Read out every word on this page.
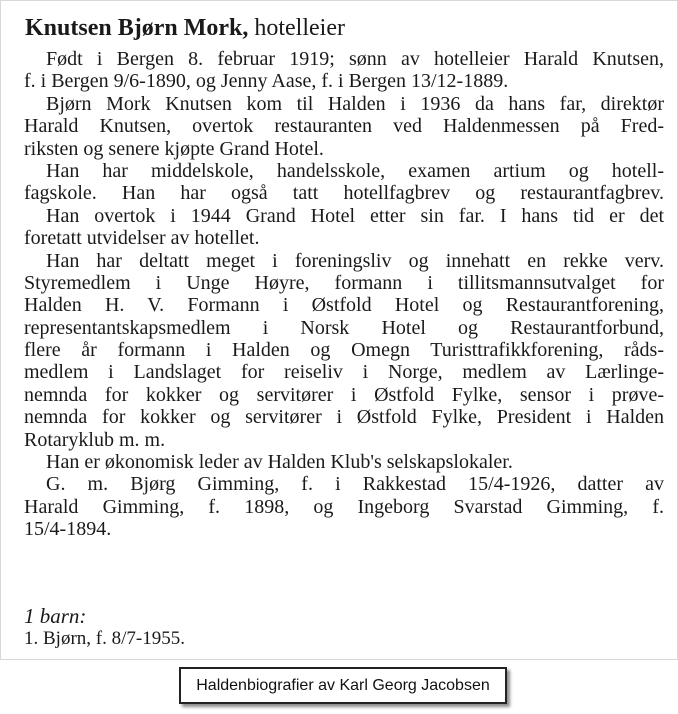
Knutsen Bjørn Mork, hotelleier
Født i Bergen 8. februar 1919; sønn av hotelleier Harald Knutsen,
f. i Bergen 9/6-1890, og Jenny Aase, f. i Bergen 13/12-1889.
Bjørn Mork Knutsen kom til Halden i 1936 da hans far, direktør
Harald Knutsen, overtok restauranten ved Haldenmessen på Fred-
riksten og senere kjøpte Grand Hotel.
Han har middelskole, handelsskole, examen artium og hotell-
fagskole. Han har også tatt hotellfagbrev og restaurantfagbrev.
Han overtok i 1944 Grand Hotel etter sin far. I hans tid er det
foretatt utvidelser av hotellet.
Han har deltatt meget i foreningsliv og innehatt en rekke verv.
Styremedlem i Unge Høyre, formann i tillitsmannsutvalget for
Halden H. V. Formann i Østfold Hotel og Restaurantforening,
representantskapsmedlem i Norsk Hotel og Restaurantforbund,
flere år formann i Halden og Omegn Turisttrafikkforening, råds-
medlem i Landslaget for reiseliv i Norge, medlem av Lærlinge-
nemnda for kokker og servitører i Østfold Fylke, sensor i prøve-
nemnda for kokker og servitører i Østfold Fylke, President i Halden
Rotaryklub m. m.
Han er økonomisk leder av Halden Klub's selskapslokaler.
G. m. Bjørg Gimming, f. i Rakkestad 15/4-1926, datter av
Harald Gimming, f. 1898, og Ingeborg Svarstad Gimming, f.
15/4-1894.
1 barn:
1. Bjørn, f. 8/7-1955.
Haldenbiografier av Karl Georg Jacobsen
